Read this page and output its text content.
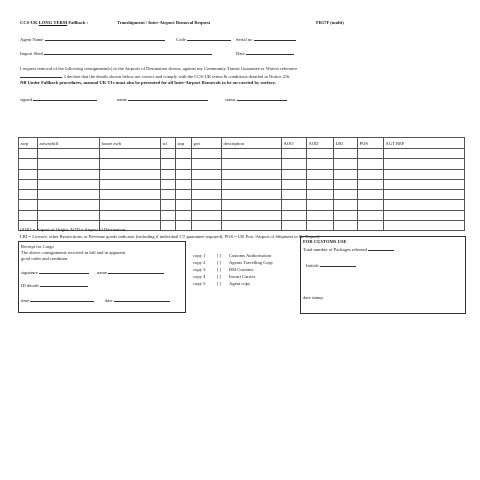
CCS-UK LONG TERM Fallback :	Transhipment / Inter-Airport Removal Request	FB17F (multi)
Agent Name	Code	Serial no
Import Shed	Date
I request removal of the following consignment(s) to the Airports of Destination shown, against my Community Transit Guarantee or Waiver reference
. I declare that the details shown below are correct and comply with the CCS-UK terms & conditions detailed in Notice 216.
NB Under Fallback procedures, manual UK T1s must also be presented for all Inter-Airport Removals to be on-carried by surface.
signed	name	status
awp	airwaybill	house awb	stf	aop	gwt	description	AOO	AOD	LRI	POS	AGT REF

(AOO = Airport of Origin, AOD = Airport of Destination,
LRI = Licence, other Restrictions, or Revenue goods indicator (including if individual CT guarantee required), POS = UK Port /Airport of Shipment or Re Export)
Receipt for Cargo
The above consignments received in full and in apparent
good order and condition.
signature	name
ID details
time	date
copy 1	[ ] Customs Authorisation
copy 2	[ ] Agents Travelling Copy
copy 3	[ ] BM Customs
copy 4	[ ] Inwart Carrier
copy 5	[ ] Agent copy
FOR CUSTOMS USE
Total number of Packages released
Initials
date stamp
